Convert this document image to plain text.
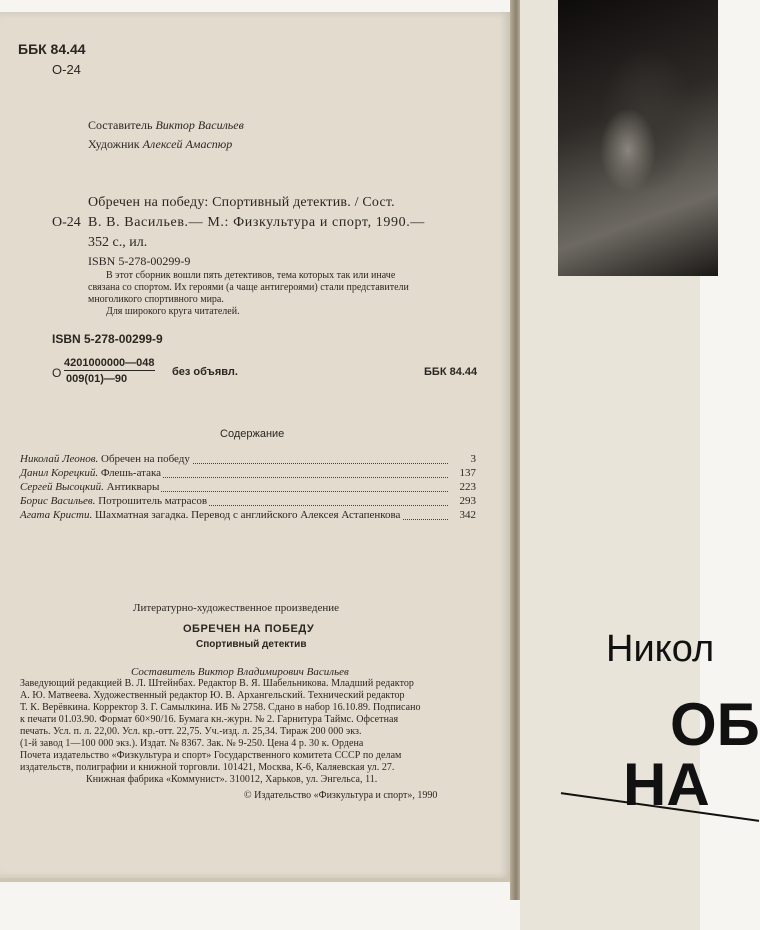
ББК 84.44
О-24
Составитель Виктор Васильев
Художник Алексей Амаспюр
Обречен на победу: Спортивный детектив. / Сост.
О-24 В. В. Васильев.— М.: Физкультура и спорт, 1990.—
352 с., ил.
ISBN 5-278-00299-9
В этот сборник вошли пять детективов, тема которых так или иначе
связана со спортом. Их героями (а чаще антигероями) стали представители
многоликого спортивного мира.
Для широкого круга читателей.
ISBN 5-278-00299-9
О
4201000000—048
009(01)—90
без объявл.	ББК 84.44
Содержание
Николай Леонов. Обречен на победу	3
Данил Корецкий. Флешь-атака	137
Сергей Высоцкий. Антиквары	223
Борис Васильев. Потрошитель матрасов	293
Агата Кристи. Шахматная загадка. Перевод с английского Алексея Астапенкова	342
Литературно-художественное произведение
ОБРЕЧЕН НА ПОБЕДУ
Спортивный детектив
Составитель Виктор Владимирович Васильев
Заведующий редакцией В. Л. Штейнбах. Редактор В. Я. Шабельникова. Младший редактор
А. Ю. Матвеева. Художественный редактор Ю. В. Архангельский. Технический редактор
Т. К. Верёвкина. Корректор З. Г. Самылкина. ИБ № 2758. Сдано в набор 16.10.89. Подписано
к печати 01.03.90. Формат 60×90/16. Бумага кн.-журн. № 2. Гарнитура Таймс. Офсетная
печать. Усл. п. л. 22,00. Усл. кр.-отт. 22,75. Уч.-изд. л. 25,34. Тираж 200 000 экз.
(1-й завод 1—100 000 экз.). Издат. № 8367. Зак. № 9-250. Цена 4 р. 30 к. Ордена
Почета издательство «Физкультура и спорт» Государственного комитета СССР по делам
издательств, полиграфии и книжной торговли. 101421, Москва, К-6, Каляевская ул. 27.
Книжная фабрика «Коммунист». 310012, Харьков, ул. Энгельса, 11.
© Издательство «Физкультура и спорт», 1990
Никол
ОБ
НА
